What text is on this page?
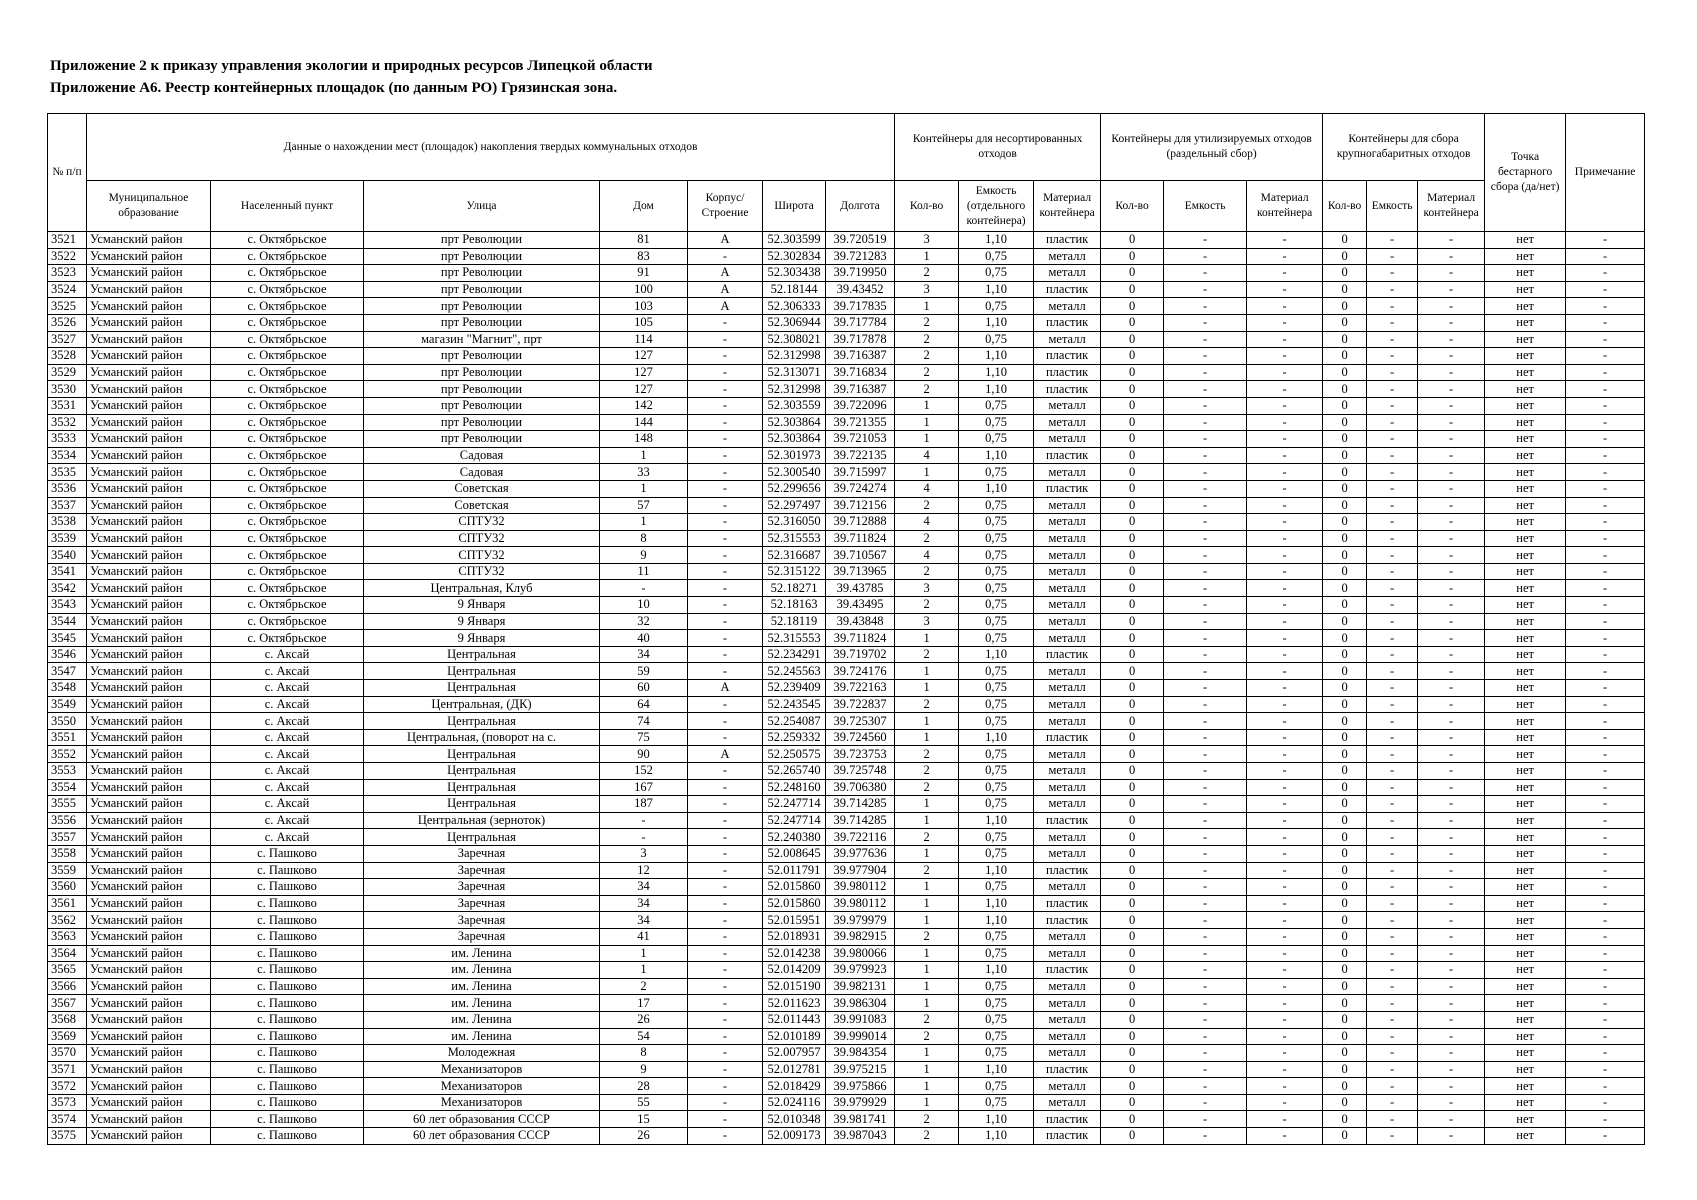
Приложение 2 к приказу управления экологии и природных ресурсов Липецкой области
Приложение А6. Реестр контейнерных площадок (по данным РО) Грязинская зона.
№ п/п	Данные о нахождении мест (площадок) накопления твердых коммунальных отходов							Контейнеры для несортированных отходов			Контейнеры для утилизируемых отходов (раздельный сбор)			Контейнеры для сбора крупногабаритных отходов			Точка бестарного сбора (да/нет)	Примечание
	Муниципальное образование	Населенный пункт	Улица	Дом	Корпус/ Строение	Широта	Долгота	Кол-во	Емкость (отдельного контейнера)	Материал контейнера	Кол-во	Емкость	Материал контейнера	Кол-во	Емкость	Материал контейнера		
3521	Усманский район	с. Октябрьское	прт Революции	81	А	52.303599	39.720519	3	1,10	пластик	0	-	-	0	-	-	нет	-
3522	Усманский район	с. Октябрьское	прт Революции	83	-	52.302834	39.721283	1	0,75	металл	0	-	-	0	-	-	нет	-
3523	Усманский район	с. Октябрьское	прт Революции	91	А	52.303438	39.719950	2	0,75	металл	0	-	-	0	-	-	нет	-
3524	Усманский район	с. Октябрьское	прт Революции	100	А	52.18144	39.43452	3	1,10	пластик	0	-	-	0	-	-	нет	-
3525	Усманский район	с. Октябрьское	прт Революции	103	А	52.306333	39.717835	1	0,75	металл	0	-	-	0	-	-	нет	-
3526	Усманский район	с. Октябрьское	прт Революции	105	-	52.306944	39.717784	2	1,10	пластик	0	-	-	0	-	-	нет	-
3527	Усманский район	с. Октябрьское	магазин "Магнит", прт	114	-	52.308021	39.717878	2	0,75	металл	0	-	-	0	-	-	нет	-
3528	Усманский район	с. Октябрьское	прт Революции	127	-	52.312998	39.716387	2	1,10	пластик	0	-	-	0	-	-	нет	-
3529	Усманский район	с. Октябрьское	прт Революции	127	-	52.313071	39.716834	2	1,10	пластик	0	-	-	0	-	-	нет	-
3530	Усманский район	с. Октябрьское	прт Революции	127	-	52.312998	39.716387	2	1,10	пластик	0	-	-	0	-	-	нет	-
3531	Усманский район	с. Октябрьское	прт Революции	142	-	52.303559	39.722096	1	0,75	металл	0	-	-	0	-	-	нет	-
3532	Усманский район	с. Октябрьское	прт Революции	144	-	52.303864	39.721355	1	0,75	металл	0	-	-	0	-	-	нет	-
3533	Усманский район	с. Октябрьское	прт Революции	148	-	52.303864	39.721053	1	0,75	металл	0	-	-	0	-	-	нет	-
3534	Усманский район	с. Октябрьское	Садовая	1	-	52.301973	39.722135	4	1,10	пластик	0	-	-	0	-	-	нет	-
3535	Усманский район	с. Октябрьское	Садовая	33	-	52.300540	39.715997	1	0,75	металл	0	-	-	0	-	-	нет	-
3536	Усманский район	с. Октябрьское	Советская	1	-	52.299656	39.724274	4	1,10	пластик	0	-	-	0	-	-	нет	-
3537	Усманский район	с. Октябрьское	Советская	57	-	52.297497	39.712156	2	0,75	металл	0	-	-	0	-	-	нет	-
3538	Усманский район	с. Октябрьское	СПТУ32	1	-	52.316050	39.712888	4	0,75	металл	0	-	-	0	-	-	нет	-
3539	Усманский район	с. Октябрьское	СПТУ32	8	-	52.315553	39.711824	2	0,75	металл	0	-	-	0	-	-	нет	-
3540	Усманский район	с. Октябрьское	СПТУ32	9	-	52.316687	39.710567	4	0,75	металл	0	-	-	0	-	-	нет	-
3541	Усманский район	с. Октябрьское	СПТУ32	11	-	52.315122	39.713965	2	0,75	металл	0	-	-	0	-	-	нет	-
3542	Усманский район	с. Октябрьское	Центральная, Клуб	-	-	52.18271	39.43785	3	0,75	металл	0	-	-	0	-	-	нет	-
3543	Усманский район	с. Октябрьское	9 Января	10	-	52.18163	39.43495	2	0,75	металл	0	-	-	0	-	-	нет	-
3544	Усманский район	с. Октябрьское	9 Января	32	-	52.18119	39.43848	3	0,75	металл	0	-	-	0	-	-	нет	-
3545	Усманский район	с. Октябрьское	9 Января	40	-	52.315553	39.711824	1	0,75	металл	0	-	-	0	-	-	нет	-
3546	Усманский район	с. Аксай	Центральная	34	-	52.234291	39.719702	2	1,10	пластик	0	-	-	0	-	-	нет	-
3547	Усманский район	с. Аксай	Центральная	59	-	52.245563	39.724176	1	0,75	металл	0	-	-	0	-	-	нет	-
3548	Усманский район	с. Аксай	Центральная	60	А	52.239409	39.722163	1	0,75	металл	0	-	-	0	-	-	нет	-
3549	Усманский район	с. Аксай	Центральная, (ДК)	64	-	52.243545	39.722837	2	0,75	металл	0	-	-	0	-	-	нет	-
3550	Усманский район	с. Аксай	Центральная	74	-	52.254087	39.725307	1	0,75	металл	0	-	-	0	-	-	нет	-
3551	Усманский район	с. Аксай	Центральная, (поворот на с.	75	-	52.259332	39.724560	1	1,10	пластик	0	-	-	0	-	-	нет	-
3552	Усманский район	с. Аксай	Центральная	90	А	52.250575	39.723753	2	0,75	металл	0	-	-	0	-	-	нет	-
3553	Усманский район	с. Аксай	Центральная	152	-	52.265740	39.725748	2	0,75	металл	0	-	-	0	-	-	нет	-
3554	Усманский район	с. Аксай	Центральная	167	-	52.248160	39.706380	2	0,75	металл	0	-	-	0	-	-	нет	-
3555	Усманский район	с. Аксай	Центральная	187	-	52.247714	39.714285	1	0,75	металл	0	-	-	0	-	-	нет	-
3556	Усманский район	с. Аксай	Центральная (зерноток)	-	-	52.247714	39.714285	1	1,10	пластик	0	-	-	0	-	-	нет	-
3557	Усманский район	с. Аксай	Центральная	-	-	52.240380	39.722116	2	0,75	металл	0	-	-	0	-	-	нет	-
3558	Усманский район	с. Пашково	Заречная	3	-	52.008645	39.977636	1	0,75	металл	0	-	-	0	-	-	нет	-
3559	Усманский район	с. Пашково	Заречная	12	-	52.011791	39.977904	2	1,10	пластик	0	-	-	0	-	-	нет	-
3560	Усманский район	с. Пашково	Заречная	34	-	52.015860	39.980112	1	0,75	металл	0	-	-	0	-	-	нет	-
3561	Усманский район	с. Пашково	Заречная	34	-	52.015860	39.980112	1	1,10	пластик	0	-	-	0	-	-	нет	-
3562	Усманский район	с. Пашково	Заречная	34	-	52.015951	39.979979	1	1,10	пластик	0	-	-	0	-	-	нет	-
3563	Усманский район	с. Пашково	Заречная	41	-	52.018931	39.982915	2	0,75	металл	0	-	-	0	-	-	нет	-
3564	Усманский район	с. Пашково	им. Ленина	1	-	52.014238	39.980066	1	0,75	металл	0	-	-	0	-	-	нет	-
3565	Усманский район	с. Пашково	им. Ленина	1	-	52.014209	39.979923	1	1,10	пластик	0	-	-	0	-	-	нет	-
3566	Усманский район	с. Пашково	им. Ленина	2	-	52.015190	39.982131	1	0,75	металл	0	-	-	0	-	-	нет	-
3567	Усманский район	с. Пашково	им. Ленина	17	-	52.011623	39.986304	1	0,75	металл	0	-	-	0	-	-	нет	-
3568	Усманский район	с. Пашково	им. Ленина	26	-	52.011443	39.991083	2	0,75	металл	0	-	-	0	-	-	нет	-
3569	Усманский район	с. Пашково	им. Ленина	54	-	52.010189	39.999014	2	0,75	металл	0	-	-	0	-	-	нет	-
3570	Усманский район	с. Пашково	Молодежная	8	-	52.007957	39.984354	1	0,75	металл	0	-	-	0	-	-	нет	-
3571	Усманский район	с. Пашково	Механизаторов	9	-	52.012781	39.975215	1	1,10	пластик	0	-	-	0	-	-	нет	-
3572	Усманский район	с. Пашково	Механизаторов	28	-	52.018429	39.975866	1	0,75	металл	0	-	-	0	-	-	нет	-
3573	Усманский район	с. Пашково	Механизаторов	55	-	52.024116	39.979929	1	0,75	металл	0	-	-	0	-	-	нет	-
3574	Усманский район	с. Пашково	60 лет образования СССР	15	-	52.010348	39.981741	2	1,10	пластик	0	-	-	0	-	-	нет	-
3575	Усманский район	с. Пашково	60 лет образования СССР	26	-	52.009173	39.987043	2	1,10	пластик	0	-	-	0	-	-	нет	-
